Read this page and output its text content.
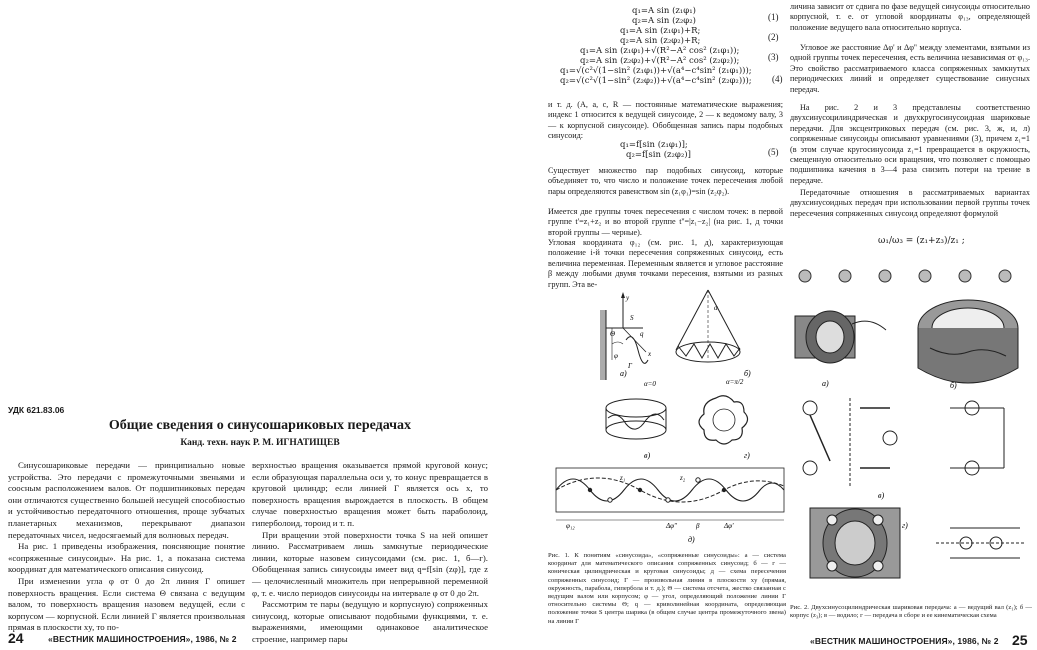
УДК 621.83.06
Общие сведения о синусошариковых передачах
Канд. техн. наук Р. М. ИГНАТИЩЕВ
Синусошариковые передачи — принципиально новые устройства. Это передачи с промежуточными звеньями и соосным расположением валов. От подшипниковых передач они отличаются существенно большей несущей способностью и устойчивостью передаточного отношения, проще зубчатых планетарных механизмов, перекрывают диапазон передаточных чисел, недосягаемый для волновых передач.
На рис. 1 приведены изображения, поясняющие понятие «сопряженные синусоиды». На рис. 1, а показана система координат для математического описания синусоид.
При изменении угла φ от 0 до 2π линия Г опишет поверхность вращения. Если система Θ связана с ведущим валом, то поверхность вращения назовем ведущей, если с корпусом — корпусной. Если линией Г является произвольная прямая в плоскости xy, то по-
верхностью вращения оказывается прямой круговой конус; если образующая параллельна оси y, то конус превращается в круговой цилиндр; если линией Г является ось x, то поверхность вращения вырождается в плоскость. В общем случае поверхностью вращения может быть параболоид, гиперболоид, тороид и т. п.
При вращении этой поверхности точка S на ней опишет линию. Рассматриваем лишь замкнутые периодические линии, которые назовем синусоидами (см. рис. 1, б—г). Обобщенная запись синусоиды имеет вид q=f[sin (zφ)], где z — целочисленный множитель при непрерывной переменной φ, т. е. число периодов синусоиды на интервале φ от 0 до 2π.
Рассмотрим те пары (ведущую и корпусную) сопряженных синусоид, которые описывают подобными функциями, т. е. выражениями, имеющими одинаковое аналитическое строение, например пары
24	«ВЕСТНИК МАШИНОСТРОЕНИЯ», 1986, № 2
q₁=A sin (z₁φ₁)
q₂=A sin (z₂φ₂)
q₁=A sin (z₁φ₁)+R;
q₂=A sin (z₂φ₂)+R;
q₁=A sin (z₁φ₁)+√(R²−A² cos² (z₁φ₁));
q₂=A sin (z₂φ₂)+√(R²−A² cos² (z₂φ₂));
q₁=√(c²√(1−sin² (z₁φ₁))+√(a⁴−c⁴sin² (z₁φ₁)));
q₂=√(c²√(1−sin² (z₂φ₂))+√(a⁴−c⁴sin² (z₂φ₂)));
(1)
(2)
(3)
(4)
и т. д. (A, a, c, R — постоянные математические выражения; индекс 1 относится к ведущей синусоиде, 2 — к ведомому валу, 3 — к корпусной синусоиде). Обобщенная запись пары подобных синусоид:
q₁=f[sin (z₁φ₁)];
q₂=f[sin (z₂φ₂)]	(5)
Существует множество пар подобных синусоид, которые объединяет то, что число и положение точек пересечения любой пары определяются равенством sin (z₁φ₁)=sin (z₂φ₂).
Имеется две группы точек пересечения с числом точек: в первой группе t'=z₁+z₂ и во второй группе t''=|z₁−z₂| (на рис. 1, д точки второй группы — черные).
Угловая координата φ₁₂ (см. рис. 1, д), характеризующая положение i-й точки пересечения сопряженных синусоид, есть величина переменная. Переменным является и угловое расстояние β между любыми двумя точками пересения, взятыми из разных групп. Эта ве-
личина зависит от сдвига по фазе ведущей синусоиды относительно корпусной, т. е. от угловой координаты φ₁₃, определяющей положение ведущего вала относительно корпуса.
Угловое же расстояние Δφ' и Δφ'' между элементами, взятыми из одной группы точек пересечения, есть величина независимая от φ₁₃. Это свойство рассматриваемого класса сопряженных замкнутых периодических линий и определяет существование синусных передач.
На рис. 2 и 3 представлены соответственно двухсинусоцилиндрическая и двухкругосинусоидная шариковые передачи. Для эксцентриковых передач (см. рис. 3, ж, и, л) сопряженные синусоиды описывают уравнениями (3), причем z₁=1 (в этом случае кругосинусоида z₁=1 превращается в окружность, смещенную относительно оси вращения, что позволяет с помощью подшипника качения в 3—4 раза снизить потери на трение в передаче.
Передаточные отношения в рассматриваемых вариантах двухсинусоидных передач при использовании первой группы точек пересечения сопряженных синусоид определяют формулой
ω₁/ω₃ = (z₁+z₃)/z₁ ;
y
x
S
q
Θ
φ
Г
а)
α
б)
α=0
в)
α=π/2
г)
z₁	z₂
φ₁₂	Δφ''	β	Δφ'
д)
Рис. 1. К понятиям «синусоида», «сопряженные синусоиды»: а — система координат для математического описания сопряженных синусоид; б — г — коническая цилиндрическая и круговая синусоиды; д — схема пересечения сопряженных синусоид; Г — произвольная линия в плоскости xy (прямая, окружность, парабола, гипербола и т. д.); Θ — система отсчета, жестко связанная с ведущим валом или корпусом; φ — угол, определяющий положение линии Г относительно системы Θ; q — криволинейная координата, определяющая положение точки S центра шарика (в общем случае центра промежуточного звена) на линии Г
а)	б)
в)
г)
Рис. 2. Двухсинусоцилиндрическая шариковая передача: а — ведущий вал (z₁); б — корпус (z₃); в — водило; г — передача в сборе и ее кинематическая схема
«ВЕСТНИК МАШИНОСТРОЕНИЯ», 1986, № 2 25
